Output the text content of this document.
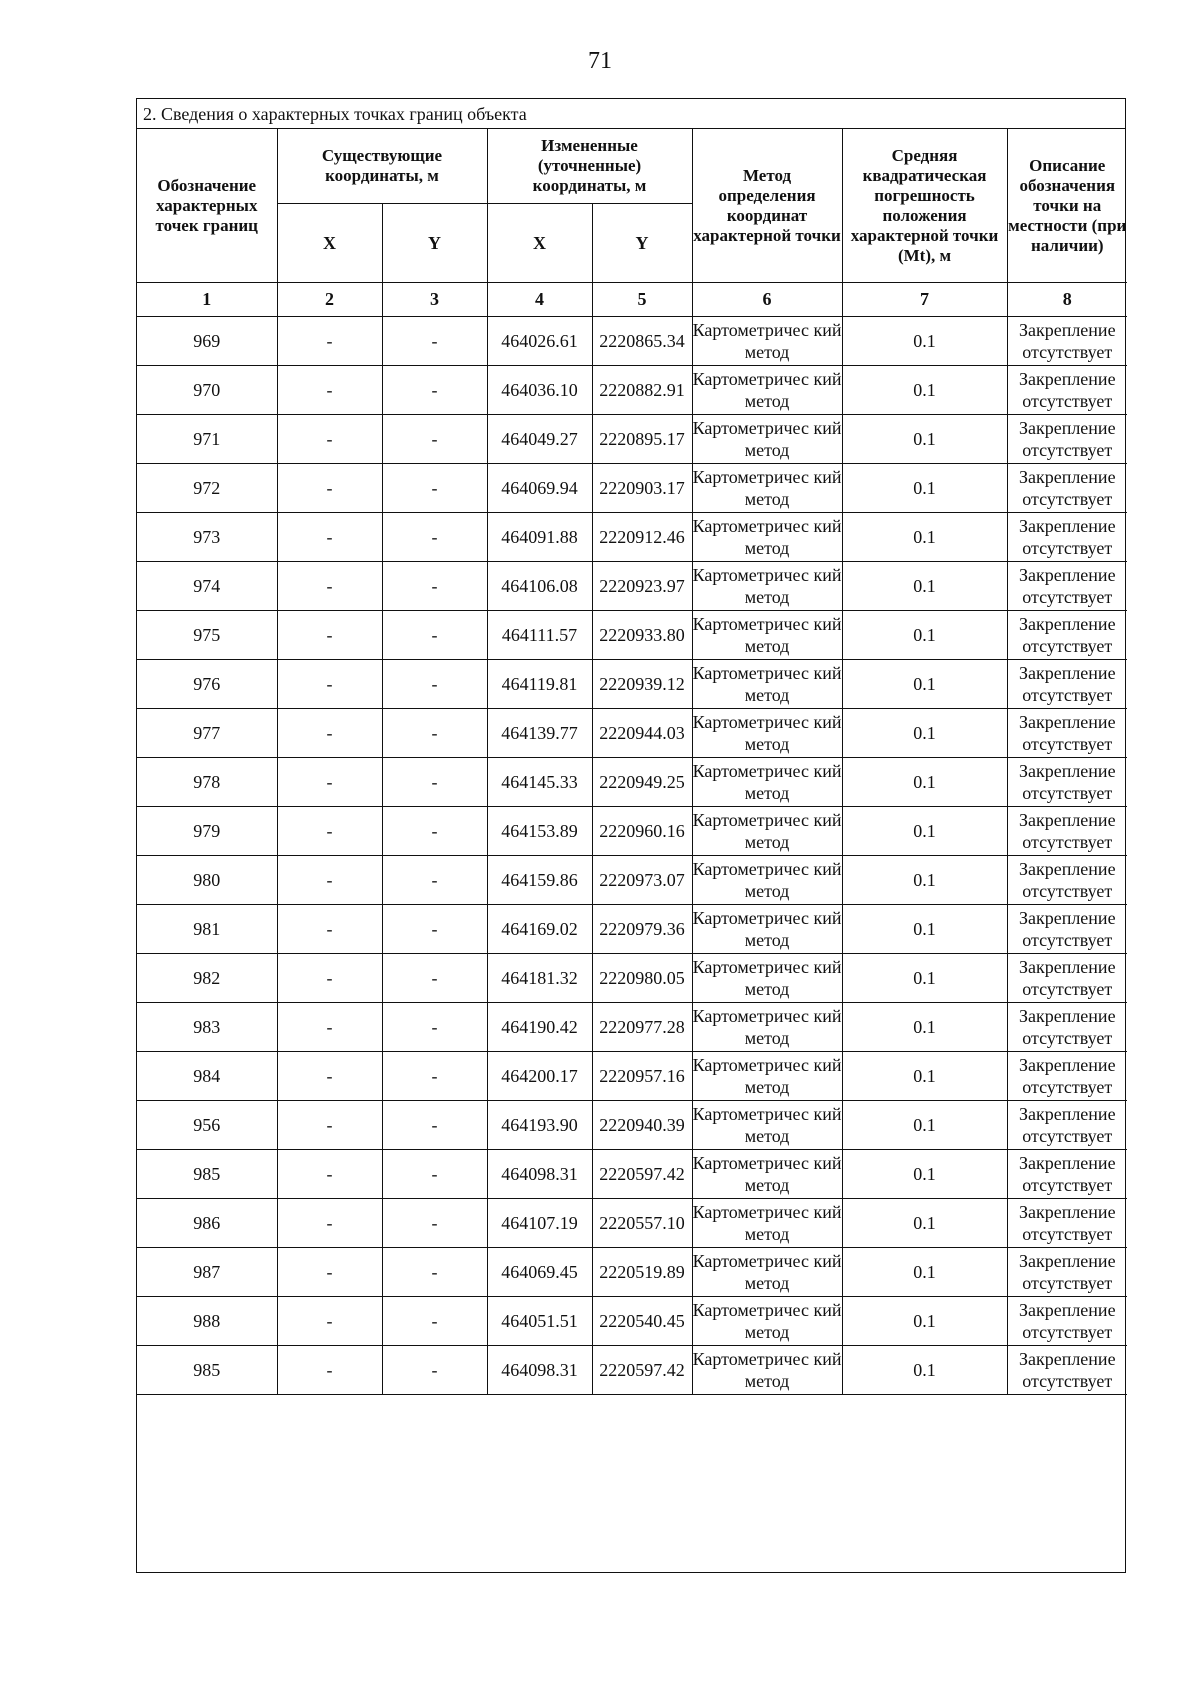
71
2. Сведения о характерных точках границ объекта
Обозначение характерных точек границ	Существующие координаты, м		Измененные (уточненные) координаты, м		Метод определения координат характерной точки	Средняя квадратическая погрешность положения характерной точки (Mt), м	Описание обозначения точки на местности (при наличии)
	X	Y	X	Y			
1	2	3	4	5	6	7	8
969	-	-	464026.61	2220865.34	Картометричес кий метод	0.1	Закрепление отсутствует
970	-	-	464036.10	2220882.91	Картометричес кий метод	0.1	Закрепление отсутствует
971	-	-	464049.27	2220895.17	Картометричес кий метод	0.1	Закрепление отсутствует
972	-	-	464069.94	2220903.17	Картометричес кий метод	0.1	Закрепление отсутствует
973	-	-	464091.88	2220912.46	Картометричес кий метод	0.1	Закрепление отсутствует
974	-	-	464106.08	2220923.97	Картометричес кий метод	0.1	Закрепление отсутствует
975	-	-	464111.57	2220933.80	Картометричес кий метод	0.1	Закрепление отсутствует
976	-	-	464119.81	2220939.12	Картометричес кий метод	0.1	Закрепление отсутствует
977	-	-	464139.77	2220944.03	Картометричес кий метод	0.1	Закрепление отсутствует
978	-	-	464145.33	2220949.25	Картометричес кий метод	0.1	Закрепление отсутствует
979	-	-	464153.89	2220960.16	Картометричес кий метод	0.1	Закрепление отсутствует
980	-	-	464159.86	2220973.07	Картометричес кий метод	0.1	Закрепление отсутствует
981	-	-	464169.02	2220979.36	Картометричес кий метод	0.1	Закрепление отсутствует
982	-	-	464181.32	2220980.05	Картометричес кий метод	0.1	Закрепление отсутствует
983	-	-	464190.42	2220977.28	Картометричес кий метод	0.1	Закрепление отсутствует
984	-	-	464200.17	2220957.16	Картометричес кий метод	0.1	Закрепление отсутствует
956	-	-	464193.90	2220940.39	Картометричес кий метод	0.1	Закрепление отсутствует
985	-	-	464098.31	2220597.42	Картометричес кий метод	0.1	Закрепление отсутствует
986	-	-	464107.19	2220557.10	Картометричес кий метод	0.1	Закрепление отсутствует
987	-	-	464069.45	2220519.89	Картометричес кий метод	0.1	Закрепление отсутствует
988	-	-	464051.51	2220540.45	Картометричес кий метод	0.1	Закрепление отсутствует
985	-	-	464098.31	2220597.42	Картометричес кий метод	0.1	Закрепление отсутствует
